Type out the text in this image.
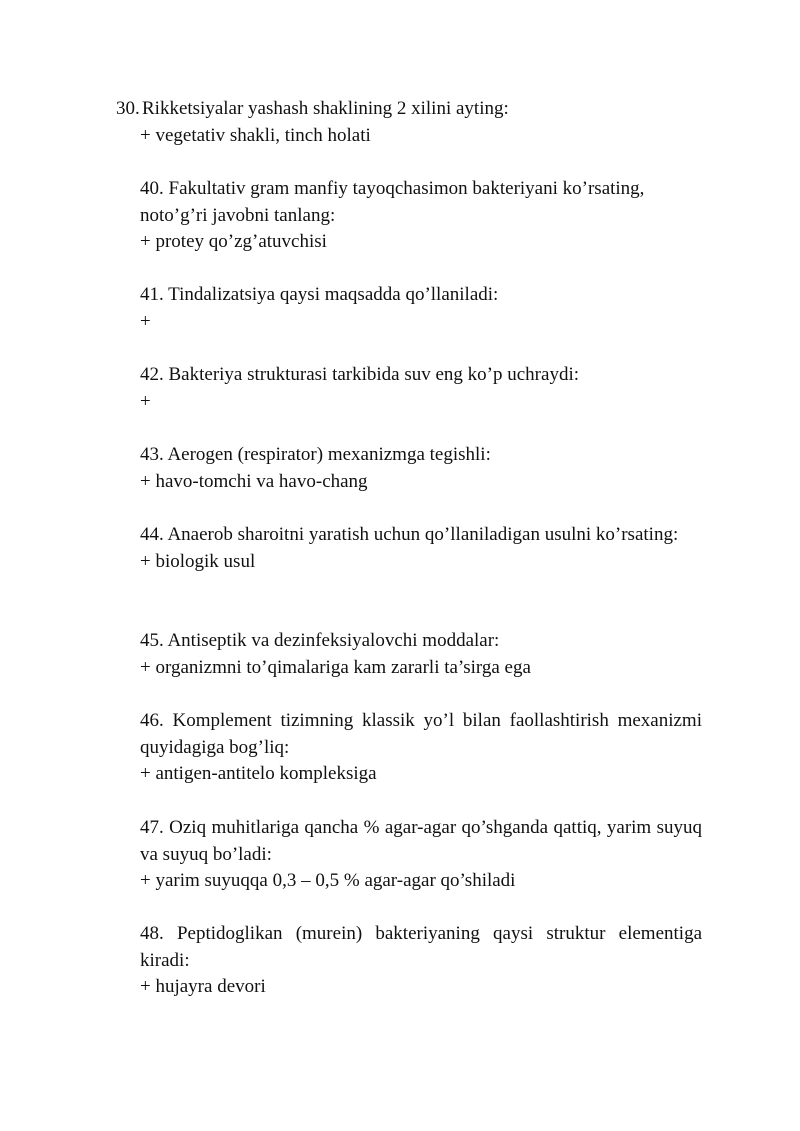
30. Rikketsiyalar yashash shaklining 2 xilini ayting:

+ vegetativ shakli, tinch holati

40. Fakultativ gram manfiy tayoqchasimon bakteriyani ko’rsating, noto’g’ri javobni tanlang:

+ protey qo’zg’atuvchisi

41. Tindalizatsiya qaysi maqsadda qo’llaniladi:

+

42. Bakteriya strukturasi tarkibida suv eng ko’p uchraydi:

+

43. Aerogen (respirator) mexanizmga tegishli:

+ havo-tomchi va havo-chang

44. Anaerob sharoitni yaratish uchun qo’llaniladigan usulni ko’rsating:

+ biologik usul

45. Antiseptik va dezinfeksiyalovchi moddalar:

+ organizmni to’qimalariga kam zararli ta’sirga ega

46. Komplement tizimning klassik yo’l bilan faollashtirish mexanizmi quyidagiga bog’liq:

+ antigen-antitelo kompleksiga

47. Oziq muhitlariga qancha % agar-agar qo’shganda qattiq, yarim suyuq va suyuq bo’ladi:

+ yarim suyuqqa 0,3 – 0,5 % agar-agar qo’shiladi

48. Peptidoglikan (murein) bakteriyaning qaysi struktur elementiga kiradi:

+ hujayra devori
